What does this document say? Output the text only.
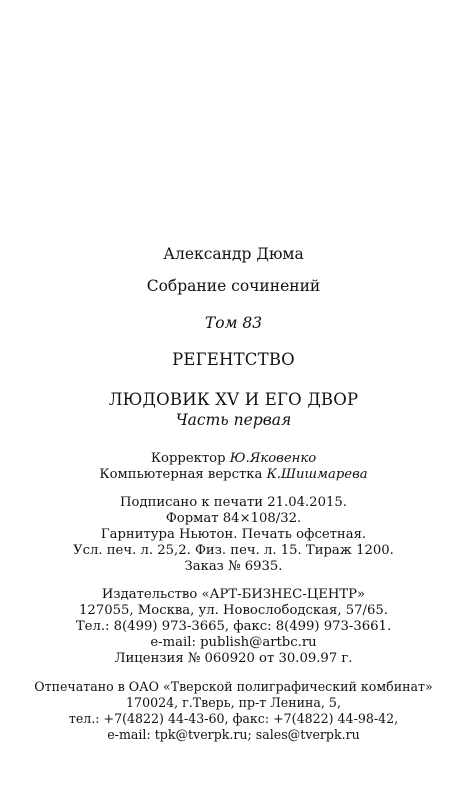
Александр Дюма
Собрание сочинений
Том 83
РЕГЕНТСТВО
ЛЮДОВИК XV И ЕГО ДВОР
Часть первая
Корректор Ю.Яковенко
Компьютерная верстка К.Шишмарева
Подписано к печати 21.04.2015.
Формат 84×108/32.
Гарнитура Ньютон. Печать офсетная.
Усл. печ. л. 25,2. Физ. печ. л. 15. Тираж 1200.
Заказ № 6935.
Издательство «АРТ-БИЗНЕС-ЦЕНТР»
127055, Москва, ул. Новослободская, 57/65.
Тел.: 8(499) 973-3665, факс: 8(499) 973-3661.
e-mail: publish@artbc.ru
Лицензия № 060920 от 30.09.97 г.
Отпечатано в ОАО «Тверской полиграфический комбинат»
170024, г.Тверь, пр-т Ленина, 5,
тел.: +7(4822) 44-43-60, факс: +7(4822) 44-98-42,
e-mail: tpk@tverpk.ru; sales@tverpk.ru
